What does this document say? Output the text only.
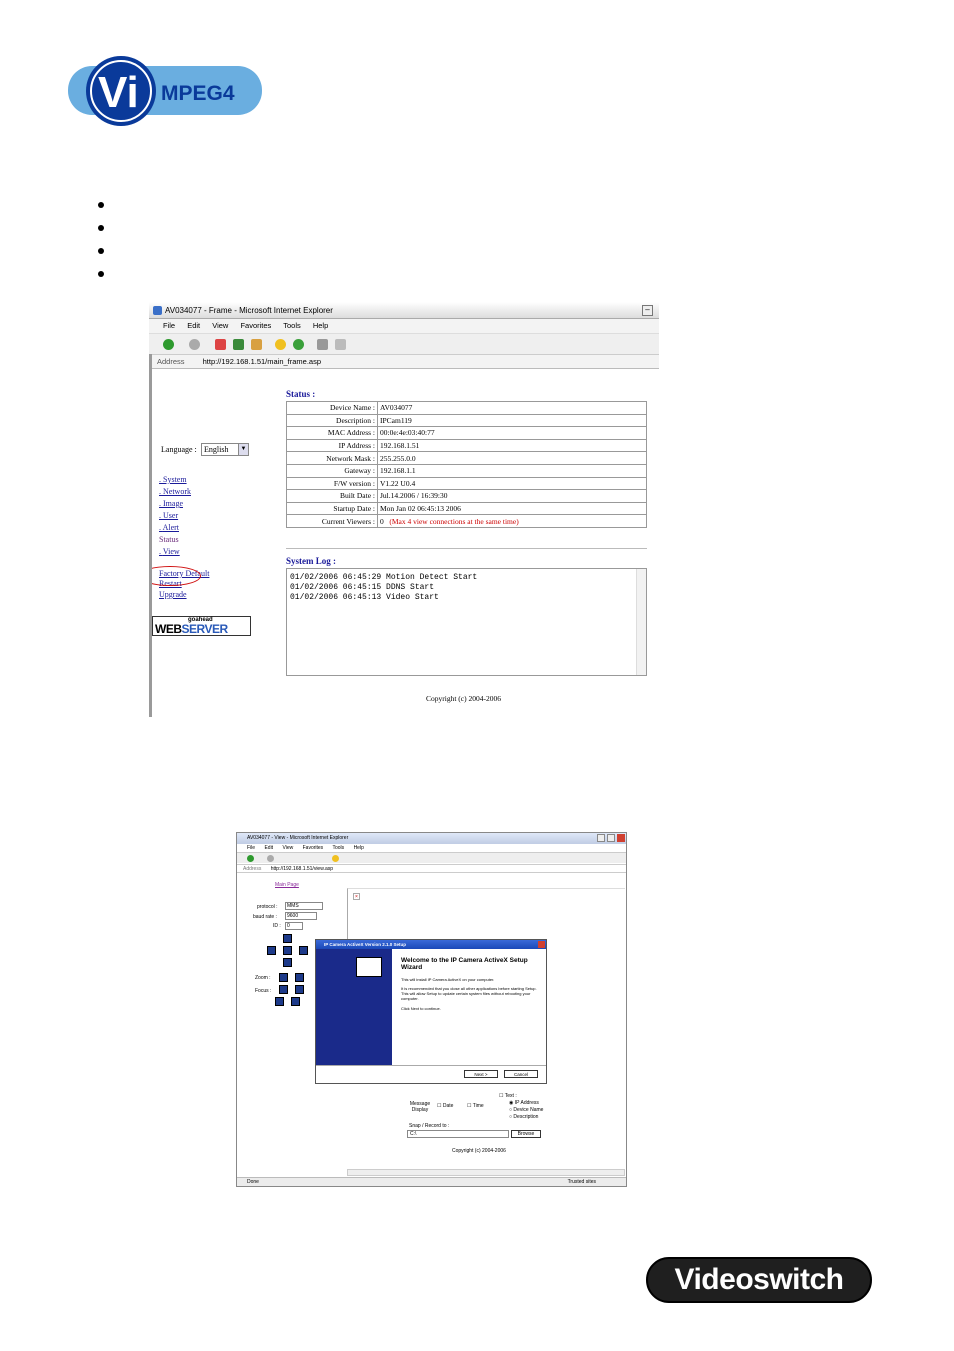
Vi MPEG4
AV034077 - Frame - Microsoft Internet Explorer	–
File Edit View Favorites Tools Help
Address http://192.168.1.51/main_frame.asp
Language : English	▼
. System
. Network
. Image
. User
. Alert
Status
. View
Factory Default
Restart
Upgrade
goahead
WEBSERVER
Status :
Device Name :	AV034077
Description :	IPCam119
MAC Address :	00:0e:4e:03:40:77
IP Address :	192.168.1.51
Network Mask :	255.255.0.0
Gateway :	192.168.1.1
F/W version :	V1.22 U0.4
Built Date :	Jul.14.2006 / 16:39:30
Startup Date :	Mon Jan 02 06:45:13 2006
Current Viewers :	0 (Max 4 view connections at the same time)
System Log :
01/02/2006 06:45:29 Motion Detect Start
01/02/2006 06:45:15 DDNS Start
01/02/2006 06:45:13 Video Start
Copyright (c) 2004-2006
AV034077 - View - Microsoft Internet Explorer
File Edit View Favorites Tools Help
Address http://192.168.1.51/view.asp
Main Page
protocol :	MMS
baud rate :	9600
ID :	0
Zoom :
Focus :
×
IP Camera ActiveX Version 2.1.0 Setup
Welcome to the IP Camera ActiveX Setup Wizard
This will install IP Camera ActiveX on your computer.
It is recommended that you close all other applications before starting Setup. This will allow Setup to update certain system files without rebooting your computer.
Click Next to continue.
Next >	Cancel
☐ Text :
◉ IP Address
○ Device Name
○ Description
Message Display
☐ Date	☐ Time
Snap / Record to :
C:\	Browse
Copyright (c) 2004-2006
Done	Trusted sites
Videoswitch
